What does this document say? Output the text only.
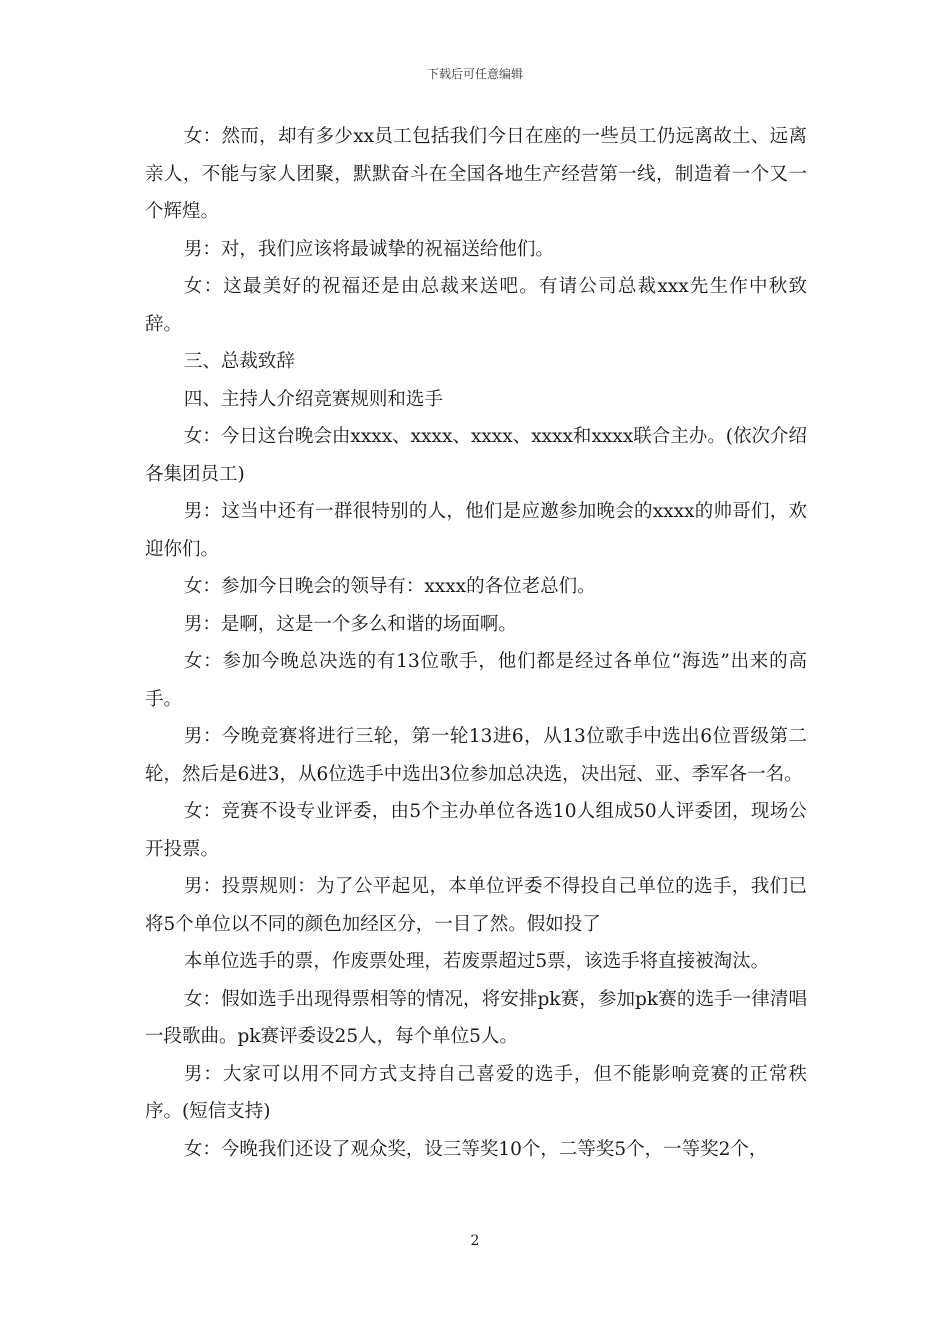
下载后可任意编辑

女：然而，却有多少xx员工包括我们今日在座的一些员工仍远离故土、远离亲人，不能与家人团聚，默默奋斗在全国各地生产经营第一线，制造着一个又一个辉煌。

男：对，我们应该将最诚挚的祝福送给他们。

女：这最美好的祝福还是由总裁来送吧。有请公司总裁xxx先生作中秋致辞。

三、总裁致辞

四、主持人介绍竞赛规则和选手

女：今日这台晚会由xxxx、xxxx、xxxx、xxxx和xxxx联合主办。(依次介绍各集团员工)

男：这当中还有一群很特别的人，他们是应邀参加晚会的xxxx的帅哥们，欢迎你们。

女：参加今日晚会的领导有：xxxx的各位老总们。

男：是啊，这是一个多么和谐的场面啊。

女：参加今晚总决选的有13位歌手，他们都是经过各单位“海选”出来的高手。

男：今晚竞赛将进行三轮，第一轮13进6，从13位歌手中选出6位晋级第二轮，然后是6进3，从6位选手中选出3位参加总决选，决出冠、亚、季军各一名。

女：竞赛不设专业评委，由5个主办单位各选10人组成50人评委团，现场公开投票。

男：投票规则：为了公平起见，本单位评委不得投自己单位的选手，我们已将5个单位以不同的颜色加经区分，一目了然。假如投了

本单位选手的票，作废票处理，若废票超过5票，该选手将直接被淘汰。

女：假如选手出现得票相等的情况，将安排pk赛，参加pk赛的选手一律清唱一段歌曲。pk赛评委设25人，每个单位5人。

男：大家可以用不同方式支持自己喜爱的选手，但不能影响竞赛的正常秩序。(短信支持)

女：今晚我们还设了观众奖，设三等奖10个，二等奖5个，一等奖2个，

2
